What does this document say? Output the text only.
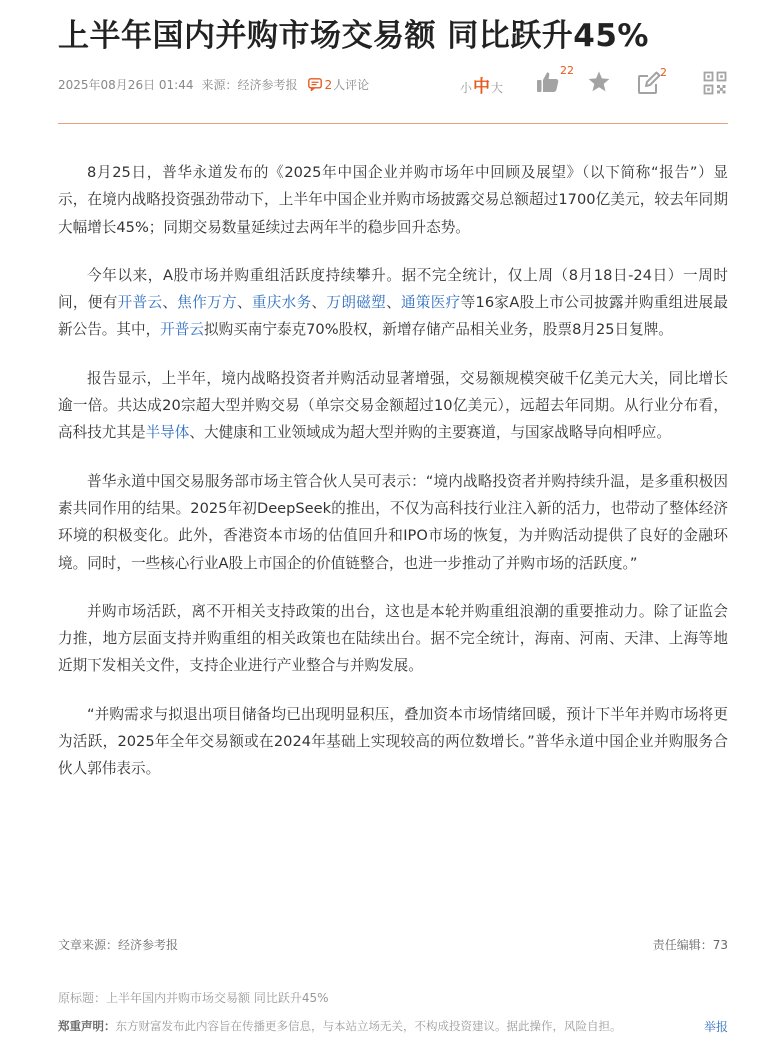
上半年国内并购市场交易额 同比跃升45%
2025年08月26日 01:44 来源：经济参考报 2 人评论	小 中 大
22	2

8月25日，普华永道发布的《2025年中国企业并购市场年中回顾及展望》（以下简称“报告”）显示，在境内战略投资强劲带动下，上半年中国企业并购市场披露交易总额超过1700亿美元，较去年同期大幅增长45%；同期交易数量延续过去两年半的稳步回升态势。

今年以来，A股市场并购重组活跃度持续攀升。据不完全统计，仅上周（8月18日-24日）一周时间，便有开普云、焦作万方、重庆水务、万朗磁塑、通策医疗等16家A股上市公司披露并购重组进展最新公告。其中，开普云拟购买南宁泰克70%股权，新增存储产品相关业务，股票8月25日复牌。

报告显示，上半年，境内战略投资者并购活动显著增强，交易额规模突破千亿美元大关，同比增长逾一倍。共达成20宗超大型并购交易（单宗交易金额超过10亿美元），远超去年同期。从行业分布看，高科技尤其是半导体、大健康和工业领域成为超大型并购的主要赛道，与国家战略导向相呼应。

普华永道中国交易服务部市场主管合伙人吴可表示：“境内战略投资者并购持续升温，是多重积极因素共同作用的结果。2025年初DeepSeek的推出，不仅为高科技行业注入新的活力，也带动了整体经济环境的积极变化。此外，香港资本市场的估值回升和IPO市场的恢复，为并购活动提供了良好的金融环境。同时，一些核心行业A股上市国企的价值链整合，也进一步推动了并购市场的活跃度。”

并购市场活跃，离不开相关支持政策的出台，这也是本轮并购重组浪潮的重要推动力。除了证监会力推，地方层面支持并购重组的相关政策也在陆续出台。据不完全统计，海南、河南、天津、上海等地近期下发相关文件，支持企业进行产业整合与并购发展。

“并购需求与拟退出项目储备均已出现明显积压，叠加资本市场情绪回暖，预计下半年并购市场将更为活跃，2025年全年交易额或在2024年基础上实现较高的两位数增长。”普华永道中国企业并购服务合伙人郭伟表示。

文章来源：经济参考报	责任编辑：73
原标题：上半年国内并购市场交易额 同比跃升45%
郑重声明：东方财富发布此内容旨在传播更多信息，与本站立场无关，不构成投资建议。据此操作，风险自担。	举报
